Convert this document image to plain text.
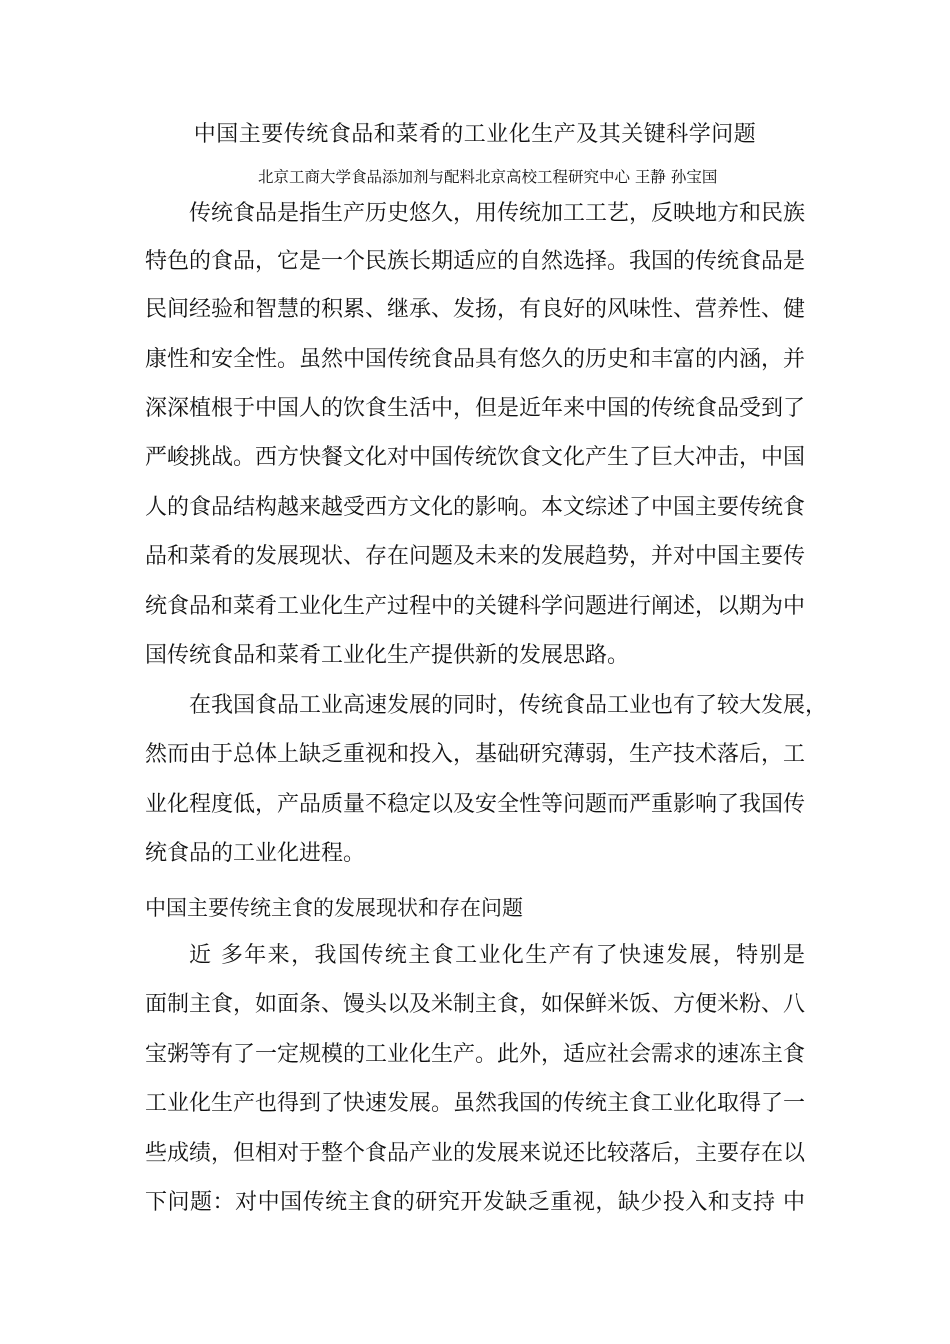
中国主要传统食品和菜肴的工业化生产及其关键科学问题
北京工商大学食品添加剂与配料北京高校工程研究中心 王静 孙宝国
传统食品是指生产历史悠久，用传统加工工艺，反映地方和民族
特色的食品，它是一个民族长期适应的自然选择。我国的传统食品是
民间经验和智慧的积累、继承、发扬，有良好的风味性、营养性、健
康性和安全性。虽然中国传统食品具有悠久的历史和丰富的内涵，并
深深植根于中国人的饮食生活中，但是近年来中国的传统食品受到了
严峻挑战。西方快餐文化对中国传统饮食文化产生了巨大冲击，中国
人的食品结构越来越受西方文化的影响。本文综述了中国主要传统食
品和菜肴的发展现状、存在问题及未来的发展趋势，并对中国主要传
统食品和菜肴工业化生产过程中的关键科学问题进行阐述，以期为中
国传统食品和菜肴工业化生产提供新的发展思路。
在我国食品工业高速发展的同时，传统食品工业也有了较大发展，
然而由于总体上缺乏重视和投入，基础研究薄弱，生产技术落后，工
业化程度低，产品质量不稳定以及安全性等问题而严重影响了我国传
统食品的工业化进程。
中国主要传统主食的发展现状和存在问题
近 多年来，我国传统主食工业化生产有了快速发展，特别是
面制主食，如面条、馒头以及米制主食，如保鲜米饭、方便米粉、八
宝粥等有了一定规模的工业化生产。此外，适应社会需求的速冻主食
工业化生产也得到了快速发展。虽然我国的传统主食工业化取得了一
些成绩，但相对于整个食品产业的发展来说还比较落后，主要存在以
下问题：对中国传统主食的研究开发缺乏重视，缺少投入和支持 中
